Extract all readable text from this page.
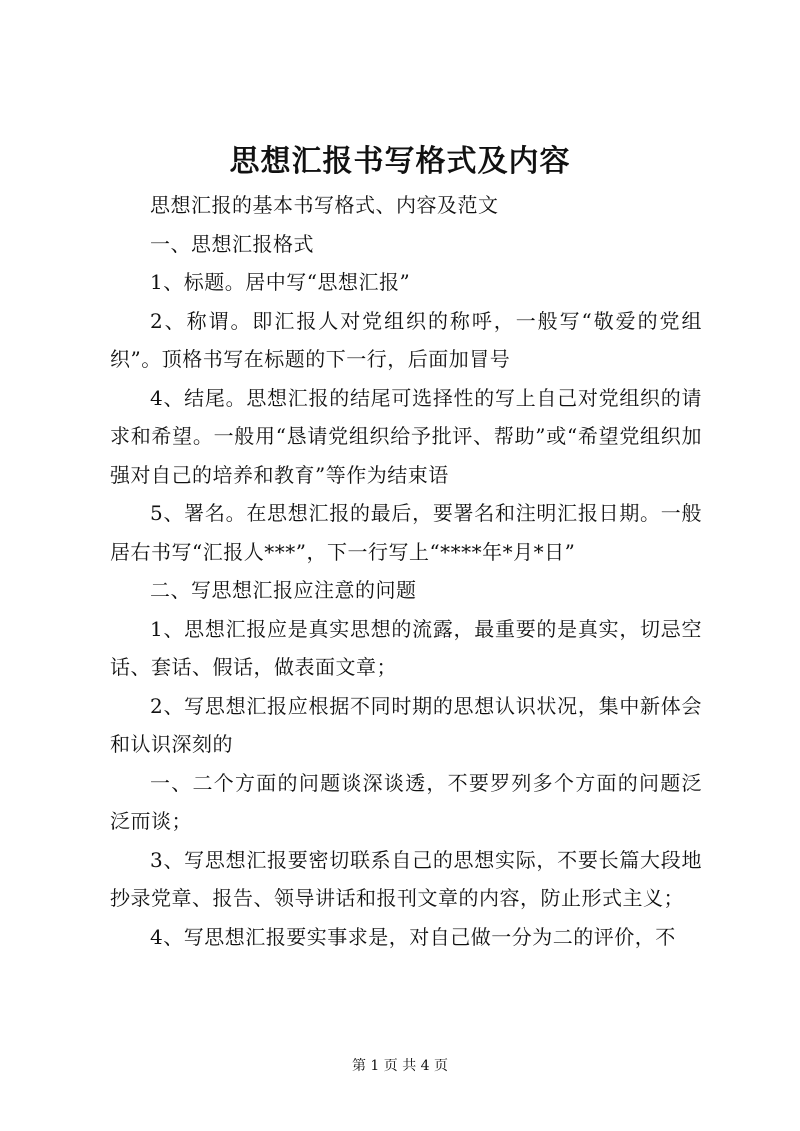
思想汇报书写格式及内容

思想汇报的基本书写格式、内容及范文

一、思想汇报格式

1、标题。居中写“思想汇报”

2、称谓。即汇报人对党组织的称呼，一般写“敬爱的党组织”。顶格书写在标题的下一行，后面加冒号

4、结尾。思想汇报的结尾可选择性的写上自己对党组织的请求和希望。一般用“恳请党组织给予批评、帮助”或“希望党组织加强对自己的培养和教育”等作为结束语

5、署名。在思想汇报的最后，要署名和注明汇报日期。一般居右书写“汇报人***”，下一行写上“****年*月*日”

二、写思想汇报应注意的问题

1、思想汇报应是真实思想的流露，最重要的是真实，切忌空话、套话、假话，做表面文章；

2、写思想汇报应根据不同时期的思想认识状况，集中新体会和认识深刻的

一、二个方面的问题谈深谈透，不要罗列多个方面的问题泛泛而谈；

3、写思想汇报要密切联系自己的思想实际，不要长篇大段地抄录党章、报告、领导讲话和报刊文章的内容，防止形式主义；

4、写思想汇报要实事求是，对自己做一分为二的评价，不

第 1 页 共 4 页
